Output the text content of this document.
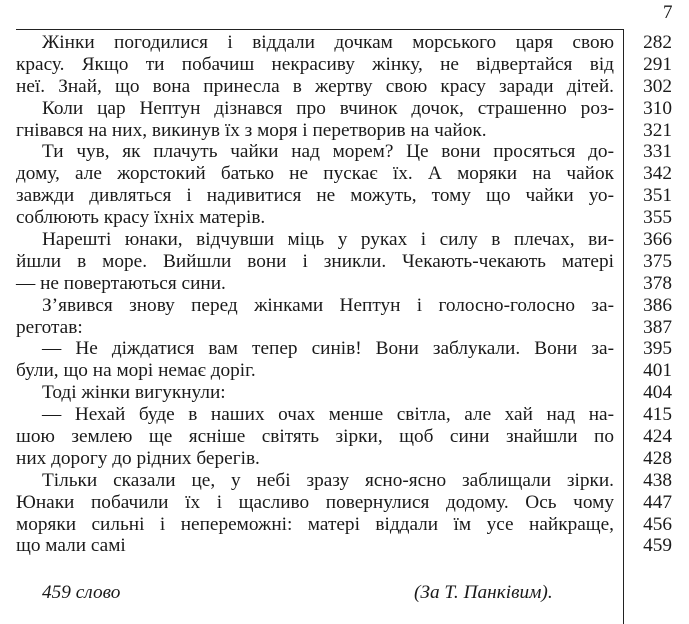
7
Жінки погодилися і віддали дочкам морського царя свою
красу. Якщо ти побачиш некрасиву жінку, не відвертайся від
неї. Знай, що вона принесла в жертву свою красу заради дітей.
Коли цар Нептун дізнався про вчинок дочок, страшенно роз-
гнівався на них, викинув їх з моря і перетворив на чайок.
Ти чув, як плачуть чайки над морем? Це вони просяться до-
дому, але жорстокий батько не пускає їх. А моряки на чайок
завжди дивляться і надивитися не можуть, тому що чайки уо-
соблюють красу їхніх матерів.
Нарешті юнаки, відчувши міць у руках і силу в плечах, ви-
йшли в море. Вийшли вони і зникли. Чекають-чекають матері
— не повертаються сини.
З’явився знову перед жінками Нептун і голосно-голосно за-
реготав:
— Не діждатися вам тепер синів! Вони заблукали. Вони за-
були, що на морі немає доріг.
Тоді жінки вигукнули:
— Нехай буде в наших очах менше світла, але хай над на-
шою землею ще ясніше світять зірки, щоб сини знайшли по
них дорогу до рідних берегів.
Тільки сказали це, у небі зразу ясно-ясно заблищали зірки.
Юнаки побачили їх і щасливо повернулися додому. Ось чому
моряки сильні і непереможні: матері віддали їм усе найкраще,
що мали самі
282
291
302
310
321
331
342
351
355
366
375
378
386
387
395
401
404
415
424
428
438
447
456
459
459 слово	(За Т. Панківим).
